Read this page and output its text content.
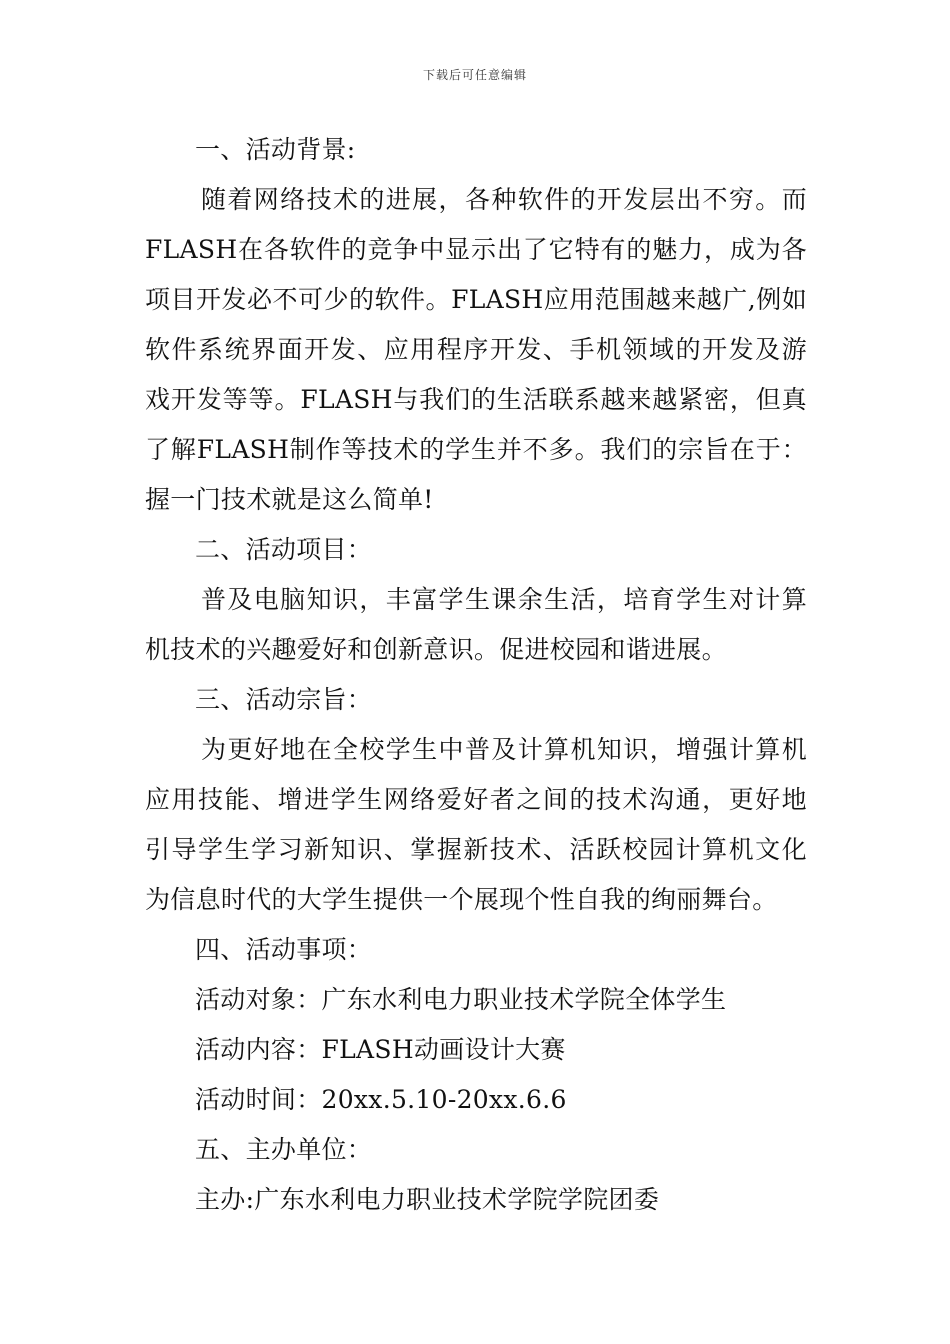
下载后可任意编辑
一、活动背景:
随着网络技术的进展，各种软件的开发层出不穷。而
FLASH在各软件的竞争中显示出了它特有的魅力，成为各
项目开发必不可少的软件。FLASH应用范围越来越广,例如
软件系统界面开发、应用程序开发、手机领域的开发及游
戏开发等等。FLASH与我们的生活联系越来越紧密，但真
了解FLASH制作等技术的学生并不多。我们的宗旨在于：
握一门技术就是这么简单!
二、活动项目：
普及电脑知识，丰富学生课余生活，培育学生对计算
机技术的兴趣爱好和创新意识。促进校园和谐进展。
三、活动宗旨：
为更好地在全校学生中普及计算机知识，增强计算机
应用技能、增进学生网络爱好者之间的技术沟通，更好地
引导学生学习新知识、掌握新技术、活跃校园计算机文化
为信息时代的大学生提供一个展现个性自我的绚丽舞台。
四、活动事项：
活动对象：广东水利电力职业技术学院全体学生
活动内容：FLASH动画设计大赛
活动时间：20xx.5.10-20xx.6.6
五、主办单位：
主办:广东水利电力职业技术学院学院团委
